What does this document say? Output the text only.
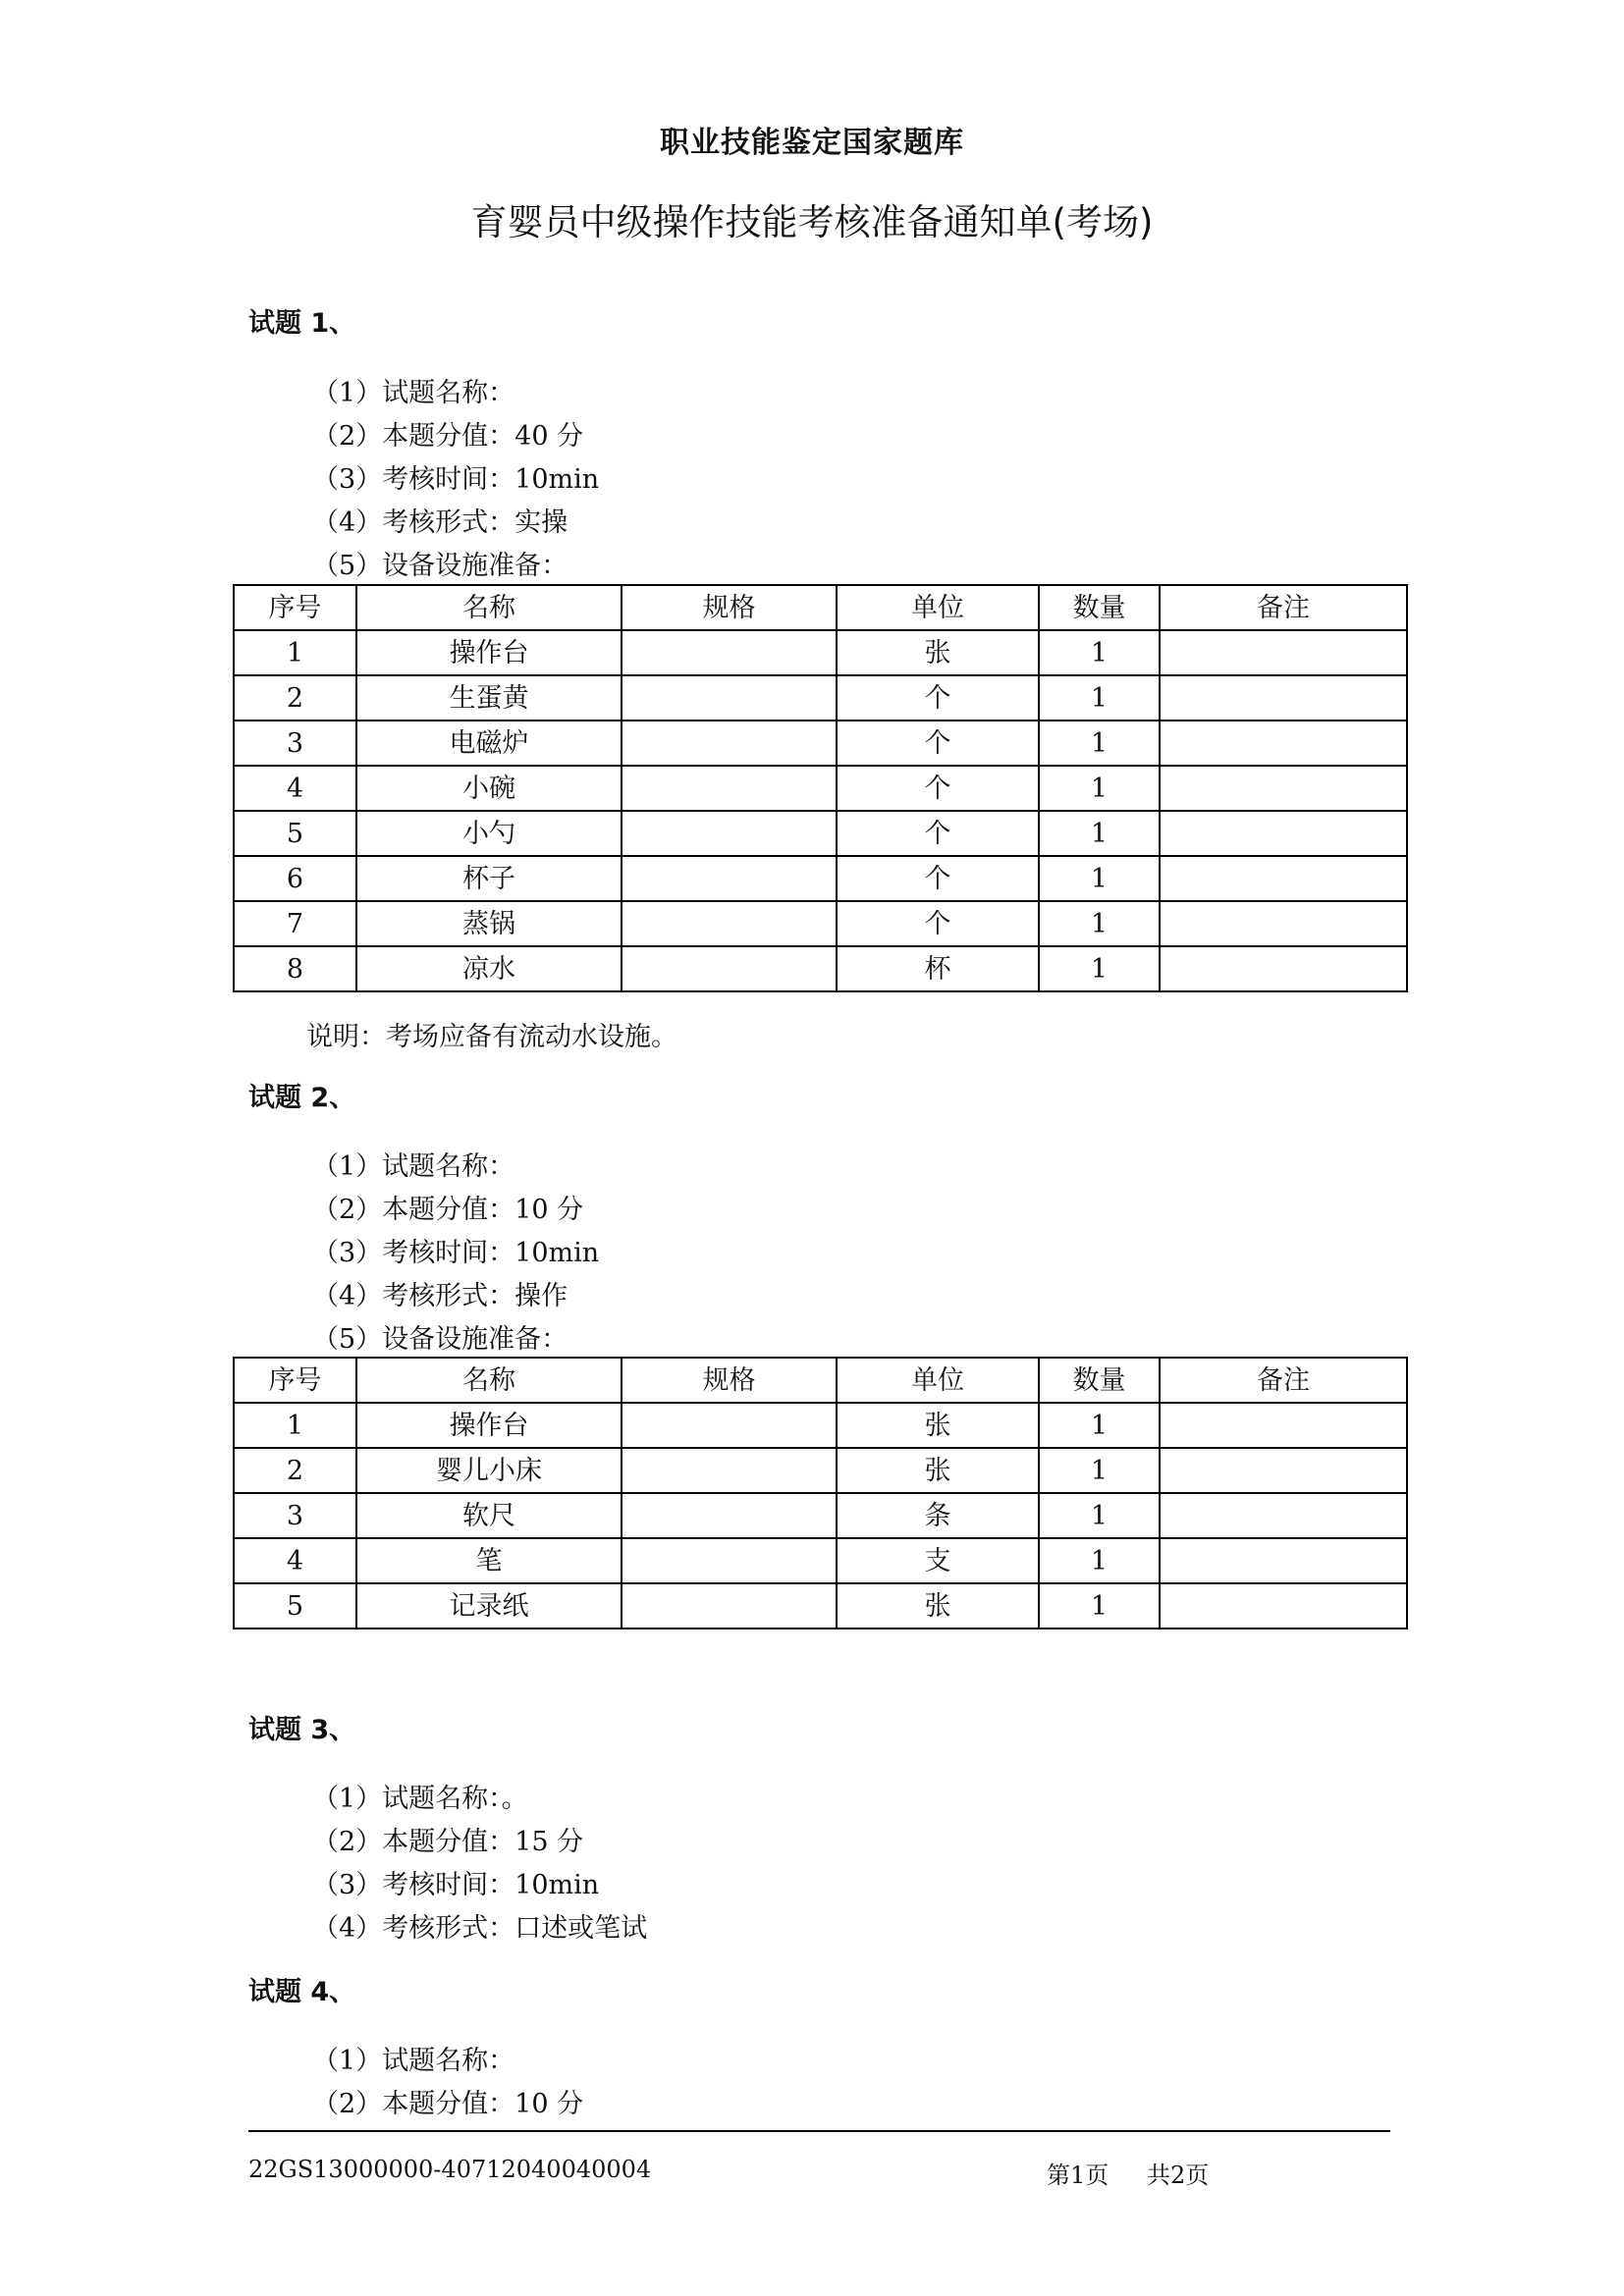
职业技能鉴定国家题库
育婴员中级操作技能考核准备通知单(考场)
试题 1、
（1）试题名称：
（2）本题分值：40 分
（3）考核时间：10min
（4）考核形式：实操
（5）设备设施准备：
序号	名称	规格	单位	数量	备注
1	操作台		张	1	
2	生蛋黄		个	1	
3	电磁炉		个	1	
4	小碗		个	1	
5	小勺		个	1	
6	杯子		个	1	
7	蒸锅		个	1	
8	凉水		杯	1	
说明：考场应备有流动水设施。
试题 2、
（1）试题名称：
（2）本题分值：10 分
（3）考核时间：10min
（4）考核形式：操作
（5）设备设施准备：
序号	名称	规格	单位	数量	备注
1	操作台		张	1	
2	婴儿小床		张	1	
3	软尺		条	1	
4	笔		支	1	
5	记录纸		张	1	
试题 3、
（1）试题名称：。
（2）本题分值：15 分
（3）考核时间：10min
（4）考核形式：口述或笔试
试题 4、
（1）试题名称：
（2）本题分值：10 分
22GS13000000-40712040040004	第1页 共2页
